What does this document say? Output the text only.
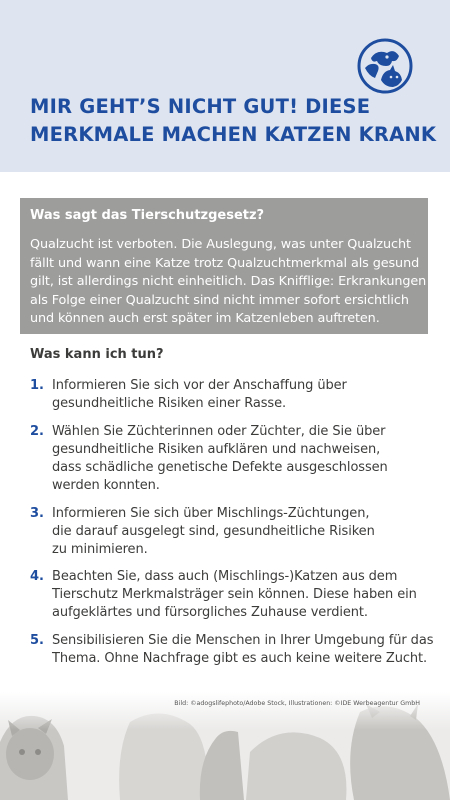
MIR GEHT’S NICHT GUT! DIESE
MERKMALE MACHEN KATZEN KRANK
Was sagt das Tierschutzgesetz?
Qualzucht ist verboten. Die Auslegung, was unter Qualzucht
fällt und wann eine Katze trotz Qualzuchtmerkmal als gesund
gilt, ist allerdings nicht einheitlich. Das Knifflige: Erkrankungen
als Folge einer Qualzucht sind nicht immer sofort ersichtlich
und können auch erst später im Katzenleben auftreten.
Was kann ich tun?
1. Informieren Sie sich vor der Anschaffung über
gesundheitliche Risiken einer Rasse.
2. Wählen Sie Züchterinnen oder Züchter, die Sie über
gesundheitliche Risiken aufklären und nachweisen,
dass schädliche genetische Defekte ausgeschlossen
werden konnten.
3. Informieren Sie sich über Mischlings-Züchtungen,
die darauf ausgelegt sind, gesundheitliche Risiken
zu minimieren.
4. Beachten Sie, dass auch (Mischlings-)Katzen aus dem
Tierschutz Merkmalsträger sein können. Diese haben ein
aufgeklärtes und fürsorgliches Zuhause verdient.
5. Sensibilisieren Sie die Menschen in Ihrer Umgebung für das
Thema. Ohne Nachfrage gibt es auch keine weitere Zucht.

Bild: ©adogslifephoto/Adobe Stock, Illustrationen: ©IDE Werbeagentur GmbH
